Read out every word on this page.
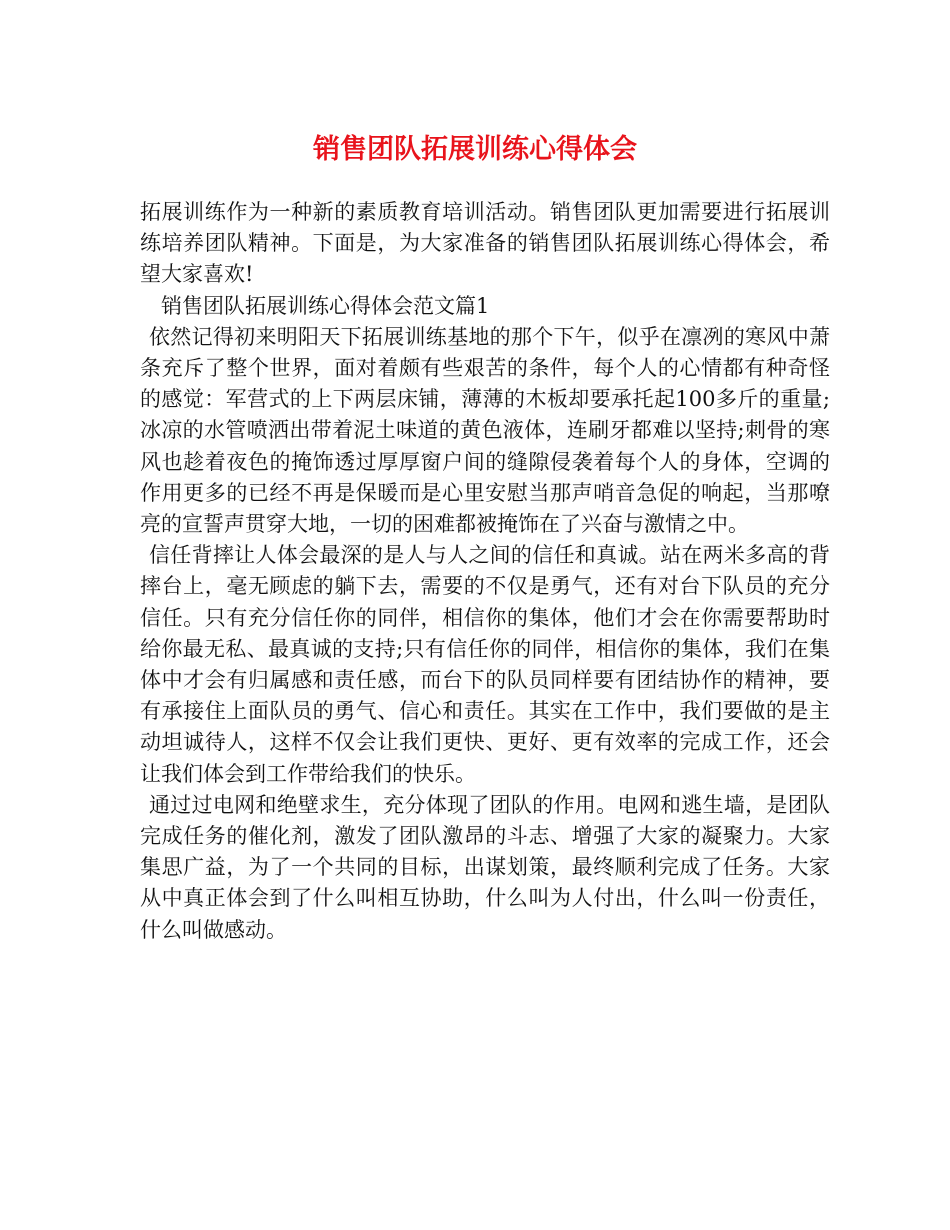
销售团队拓展训练心得体会

拓展训练作为一种新的素质教育培训活动。销售团队更加需要进行拓展训练培养团队精神。下面是，为大家准备的销售团队拓展训练心得体会，希望大家喜欢!

销售团队拓展训练心得体会范文篇1

依然记得初来明阳天下拓展训练基地的那个下午，似乎在凛冽的寒风中萧条充斥了整个世界，面对着颇有些艰苦的条件，每个人的心情都有种奇怪的感觉：军营式的上下两层床铺，薄薄的木板却要承托起100多斤的重量;冰凉的水管喷洒出带着泥土味道的黄色液体，连刷牙都难以坚持;刺骨的寒风也趁着夜色的掩饰透过厚厚窗户间的缝隙侵袭着每个人的身体，空调的作用更多的已经不再是保暖而是心里安慰当那声哨音急促的响起，当那嘹亮的宣誓声贯穿大地，一切的困难都被掩饰在了兴奋与激情之中。

信任背摔让人体会最深的是人与人之间的信任和真诚。站在两米多高的背摔台上，毫无顾虑的躺下去，需要的不仅是勇气，还有对台下队员的充分信任。只有充分信任你的同伴，相信你的集体，他们才会在你需要帮助时给你最无私、最真诚的支持;只有信任你的同伴，相信你的集体，我们在集体中才会有归属感和责任感，而台下的队员同样要有团结协作的精神，要有承接住上面队员的勇气、信心和责任。其实在工作中，我们要做的是主动坦诚待人，这样不仅会让我们更快、更好、更有效率的完成工作，还会让我们体会到工作带给我们的快乐。

通过过电网和绝壁求生，充分体现了团队的作用。电网和逃生墙，是团队完成任务的催化剂，激发了团队激昂的斗志、增强了大家的凝聚力。大家集思广益，为了一个共同的目标，出谋划策，最终顺利完成了任务。大家从中真正体会到了什么叫相互协助，什么叫为人付出，什么叫一份责任，什么叫做感动。
